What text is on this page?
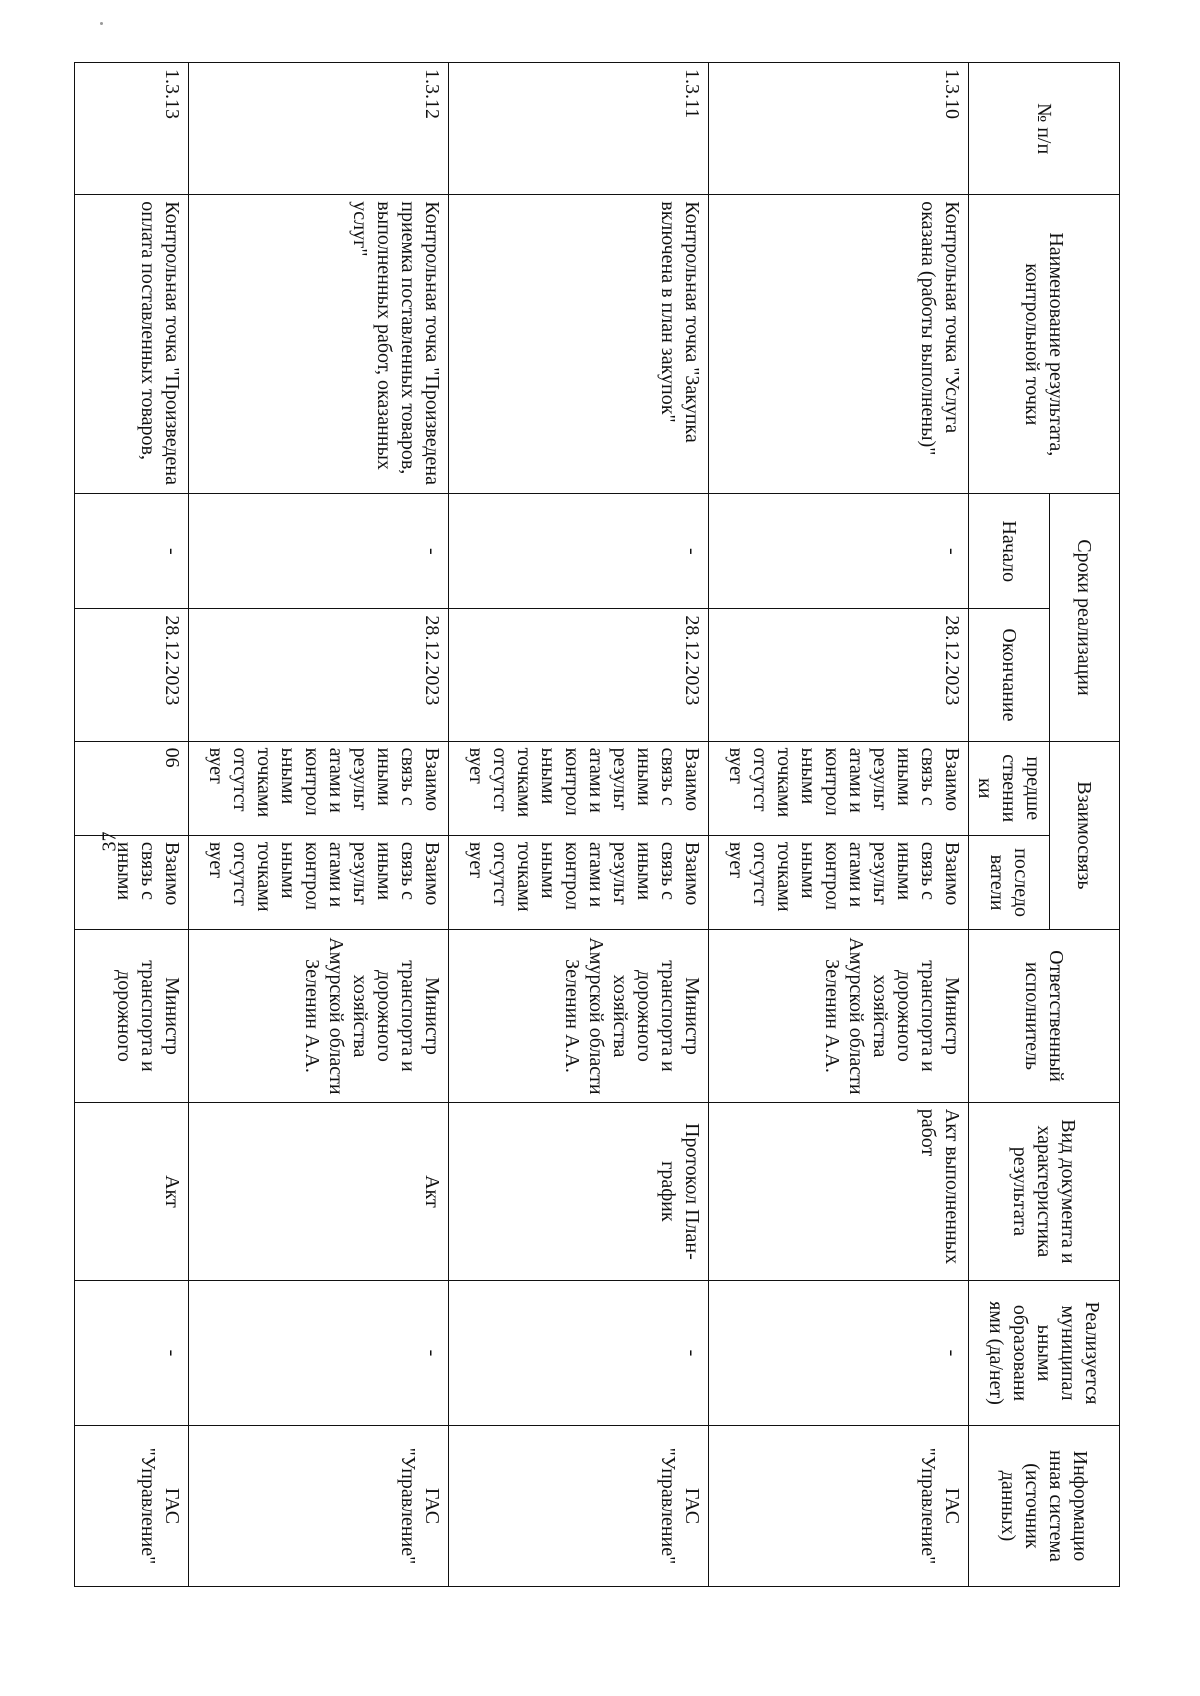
37
№ п/п	Наименование результата, контрольной точки	Сроки реализации		Взаимосвязь		Ответственный исполнитель	Вид документа и характеристика результата	Реализуется муниципал ьными образовани ями (да/нет)	Информацио нная система (источник данных)
		Начало	Окончание	предше ственни ки	последо ватели				
1.3.10	Контрольная точка "Услуга оказана (работы выполнены)"	-	28.12.2023	Взаимо связь с иными результ атами и контрол ьными точками отсутст вует	Взаимо связь с иными результ атами и контрол ьными точками отсутст вует	Министр транспорта и дорожного хозяйства Амурской области Зеленин А.А.	Акт выполненных работ	-	ГАС "Управление"
1.3.11	Контрольная точка "Закупка включена в план закупок"	-	28.12.2023	Взаимо связь с иными результ атами и контрол ьными точками отсутст вует	Взаимо связь с иными результ атами и контрол ьными точками отсутст вует	Министр транспорта и дорожного хозяйства Амурской области Зеленин А.А.	Протокол План-график	-	ГАС "Управление"
1.3.12	Контрольная точка "Произведена приемка поставленных товаров, выполненных работ, оказанных услуг"	-	28.12.2023	Взаимо связь с иными результ атами и контрол ьными точками отсутст вует	Взаимо связь с иными результ атами и контрол ьными точками отсутст вует	Министр транспорта и дорожного хозяйства Амурской области Зеленин А.А.	Акт	-	ГАС "Управление"
1.3.13	Контрольная точка "Произведена оплата поставленных товаров,	-	28.12.2023	06	Взаимо связь с иными	Министр транспорта и дорожного	Акт	-	ГАС "Управление"
